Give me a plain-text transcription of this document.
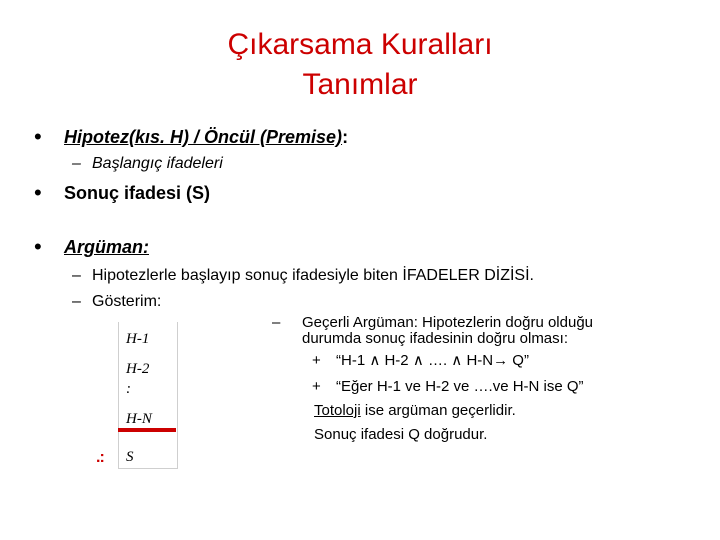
Çıkarsama Kuralları
Tanımlar
• Hipotez(kıs. H) / Öncül (Premise):
– Başlangıç ifadeleri
• Sonuç ifadesi (S)
• Argüman:
– Hipotezlerle başlayıp sonuç ifadesiyle biten İFADELER DİZİSİ.
– Gösterim:
H-1
H-2
:
H-N
.: S
– Geçerli Argüman: Hipotezlerin doğru olduğu
durumda sonuç ifadesinin doğru olması:
+ “H-1 ∧ H-2 ∧ …. ∧ H-N→ Q”
+ “Eğer H-1 ve H-2 ve ….ve H-N ise Q”
Totoloji ise argüman geçerlidir.
Sonuç ifadesi Q doğrudur.
